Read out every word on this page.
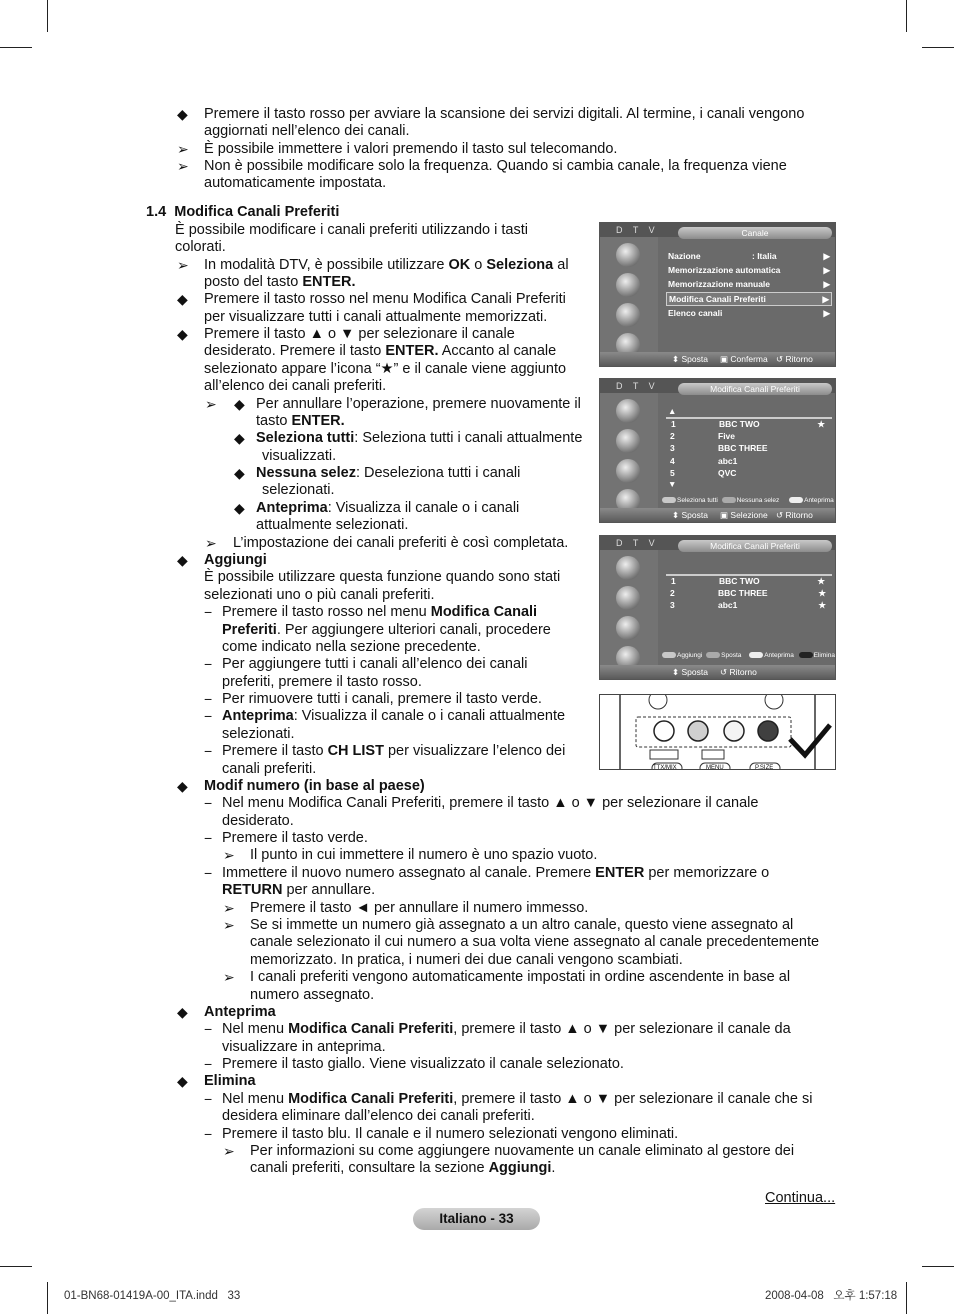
◆ Premere il tasto rosso per avviare la scansione dei servizi digitali. Al termine, i canali vengono
aggiornati nell’elenco dei canali.
➢ È possibile immettere i valori premendo il tasto sul telecomando.
➢ Non è possibile modificare solo la frequenza. Quando si cambia canale, la frequenza viene
automaticamente impostata.
1.4 Modifica Canali Preferiti
È possibile modificare i canali preferiti utilizzando i tasti
colorati.
➢ In modalità DTV, è possibile utilizzare OK o Seleziona al
posto del tasto ENTER.
◆ Premere il tasto rosso nel menu Modifica Canali Preferiti
per visualizzare tutti i canali attualmente memorizzati.
◆ Premere il tasto ▲ o ▼ per selezionare il canale
desiderato. Premere il tasto ENTER. Accanto al canale
selezionato appare l’icona “★” e il canale viene aggiunto
all’elenco dei canali preferiti.
➢ ◆ Per annullare l’operazione, premere nuovamente il
tasto ENTER.
◆ Seleziona tutti: Seleziona tutti i canali attualmente
visualizzati.
◆ Nessuna selez: Deseleziona tutti i canali
selezionati.
◆ Anteprima: Visualizza il canale o i canali
attualmente selezionati.
➢ L’impostazione dei canali preferiti è così completata.
◆ Aggiungi
È possibile utilizzare questa funzione quando sono stati
selezionati uno o più canali preferiti.
− Premere il tasto rosso nel menu Modifica Canali
Preferiti. Per aggiungere ulteriori canali, procedere
come indicato nella sezione precedente.
− Per aggiungere tutti i canali all’elenco dei canali
preferiti, premere il tasto rosso.
− Per rimuovere tutti i canali, premere il tasto verde.
− Anteprima: Visualizza il canale o i canali attualmente
selezionati.
− Premere il tasto CH LIST per visualizzare l’elenco dei
canali preferiti.
◆ Modif numero (in base al paese)
− Nel menu Modifica Canali Preferiti, premere il tasto ▲ o ▼ per selezionare il canale
desiderato.
− Premere il tasto verde.
➢ Il punto in cui immettere il numero è uno spazio vuoto.
− Immettere il nuovo numero assegnato al canale. Premere ENTER per memorizzare o
RETURN per annullare.
➢ Premere il tasto ◄ per annullare il numero immesso.
➢ Se si immette un numero già assegnato a un altro canale, questo viene assegnato al
canale selezionato il cui numero a sua volta viene assegnato al canale precedentemente
memorizzato. In pratica, i numeri dei due canali vengono scambiati.
➢ I canali preferiti vengono automaticamente impostati in ordine ascendente in base al
numero assegnato.
◆ Anteprima
− Nel menu Modifica Canali Preferiti, premere il tasto ▲ o ▼ per selezionare il canale da
visualizzare in anteprima.
− Premere il tasto giallo. Viene visualizzato il canale selezionato.
◆ Elimina
− Nel menu Modifica Canali Preferiti, premere il tasto ▲ o ▼ per selezionare il canale che si
desidera eliminare dall’elenco dei canali preferiti.
− Premere il tasto blu. Il canale e il numero selezionati vengono eliminati.
➢ Per informazioni su come aggiungere nuovamente un canale eliminato al gestore dei
canali preferiti, consultare la sezione Aggiungi.
D T V	Canale
Nazione	: Italia	▶
Memorizzazione automatica	▶
Memorizzazione manuale	▶
Modifica Canali Preferiti	▶
Elenco canali	▶
⬍ Sposta ▣ Conferma ↺ Ritorno
D T V	Modifica Canali Preferiti
▲
1	BBC TWO	★
2	Five
3	BBC THREE
4	abc1
5	QVC
▼
Seleziona tutti	Nessuna selez	Anteprima
⬍ Sposta ▣ Selezione ↺ Ritorno
D T V	Modifica Canali Preferiti
1	BBC TWO	★
2	BBC THREE	★
3	abc1	★
Aggiungi	Sposta	Anteprima	Elimina
⬍ Sposta ↺ Ritorno
TTX/MIX	MENU	P.SIZE
Continua...
Italiano - 33
01-BN68-01419A-00_ITA.indd   33	2008-04-08   오후 1:57:18
